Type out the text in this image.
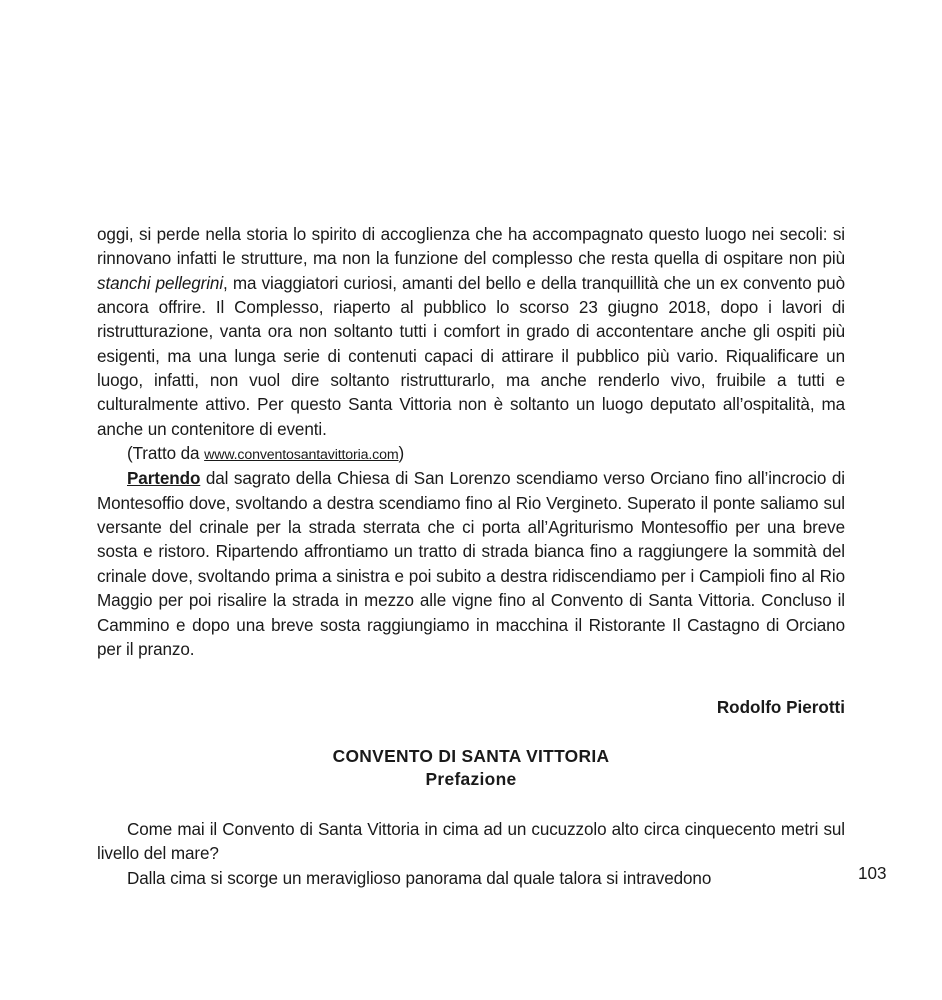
oggi, si perde nella storia lo spirito di accoglienza che ha accompagnato questo luogo nei secoli: si rinnovano infatti le strutture, ma non la funzione del complesso che resta quella di ospitare non più stanchi pellegrini, ma viaggiatori curiosi, amanti del bello e della tranquillità che un ex convento può ancora offrire. Il Complesso, riaperto al pubblico lo scorso 23 giugno 2018, dopo i lavori di ristrutturazione, vanta ora non soltanto tutti i comfort in grado di accontentare anche gli ospiti più esigenti, ma una lunga serie di contenuti capaci di attirare il pubblico più vario. Riqualificare un luogo, infatti, non vuol dire soltanto ristrutturarlo, ma anche renderlo vivo, fruibile a tutti e culturalmente attivo. Per questo Santa Vittoria non è soltanto un luogo deputato all’ospitalità, ma anche un contenitore di eventi.

(Tratto da www.conventosantavittoria.com)

Partendo dal sagrato della Chiesa di San Lorenzo scendiamo verso Orciano fino all’incrocio di Montesoffio dove, svoltando a destra scendiamo fino al Rio Vergineto. Superato il ponte saliamo sul versante del crinale per la strada sterrata che ci porta all’Agriturismo Montesoffio per una breve sosta e ristoro. Ripartendo affrontiamo un tratto di strada bianca fino a raggiungere la sommità del crinale dove, svoltando prima a sinistra e poi subito a destra ridiscendiamo per i Campioli fino al Rio Maggio per poi risalire la strada in mezzo alle vigne fino al Convento di Santa Vittoria. Concluso il Cammino e dopo una breve sosta raggiungiamo in macchina il Ristorante Il Castagno di Orciano per il pranzo.

Rodolfo Pierotti
CONVENTO DI SANTA VITTORIA
Prefazione

Come mai il Convento di Santa Vittoria in cima ad un cucuzzolo alto circa cinquecento metri sul livello del mare?

Dalla cima si scorge un meraviglioso panorama dal quale talora si intravedono	103
